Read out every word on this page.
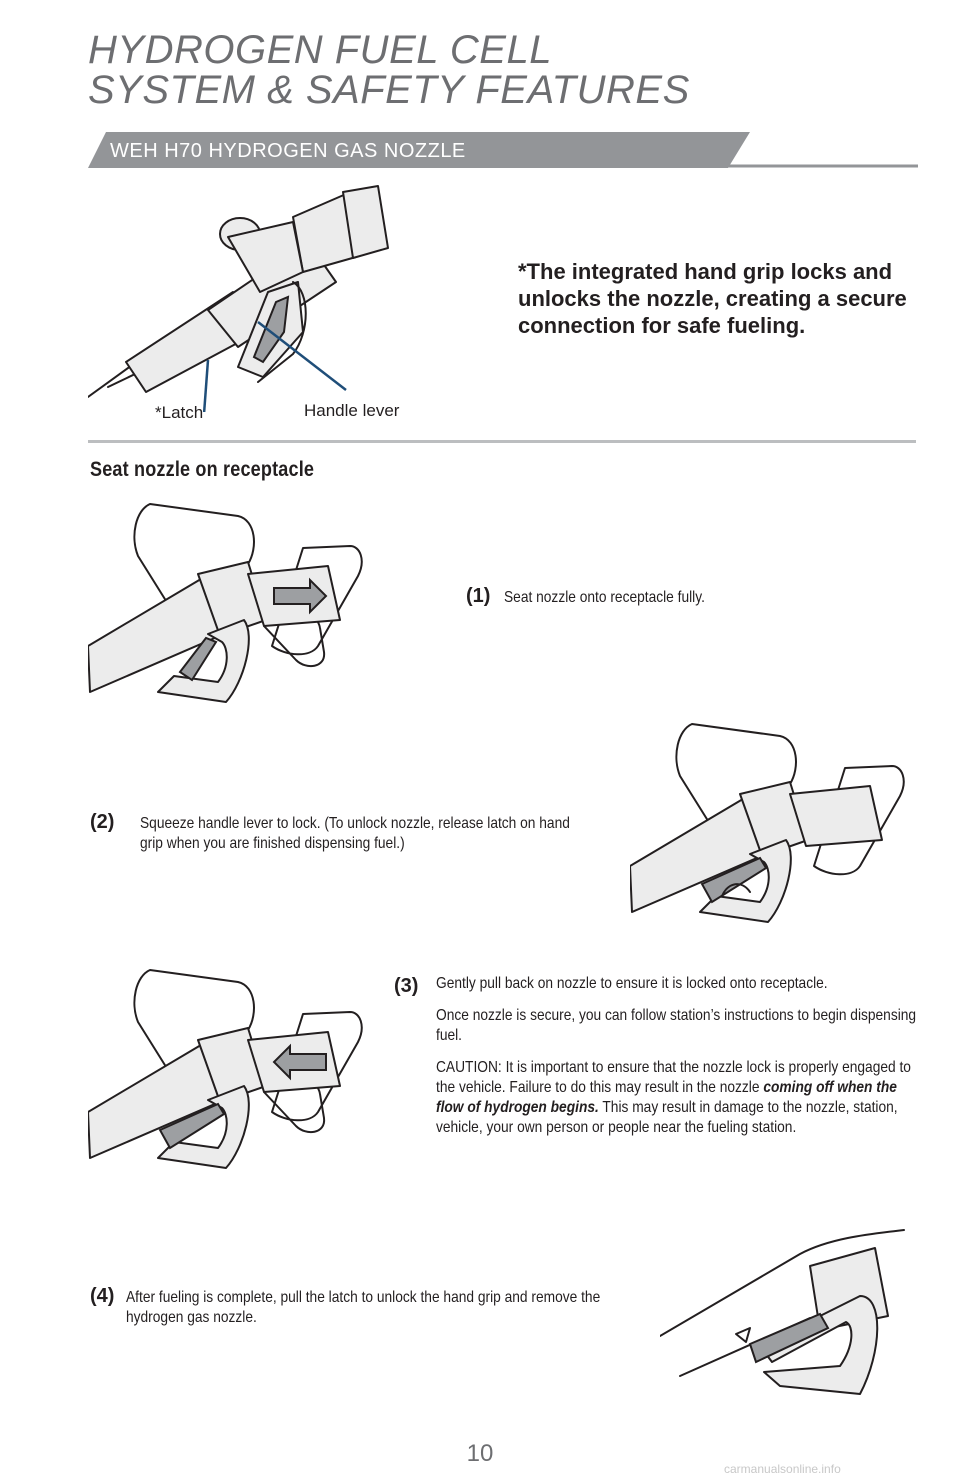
HYDROGEN FUEL CELL
SYSTEM & SAFETY FEATURES
WEH H70 HYDROGEN GAS NOZZLE
*Latch	Handle lever
*The integrated hand grip locks and unlocks the nozzle, creating a secure connection for safe fueling.
Seat nozzle on receptacle
(1) Seat nozzle onto receptacle fully.
(2) Squeeze handle lever to lock. (To unlock nozzle, release latch on hand grip when you are finished dispensing fuel.)
(3) Gently pull back on nozzle to ensure it is locked onto receptacle.

Once nozzle is secure, you can follow station’s instructions to begin dispensing fuel.

CAUTION: It is important to ensure that the nozzle lock is properly engaged to the vehicle. Failure to do this may result in the nozzle coming off when the flow of hydrogen begins. This may result in damage to the nozzle, station, vehicle, your own person or people near the fueling station.

(4) After fueling is complete, pull the latch to unlock the hand grip and remove the hydrogen gas nozzle.
10
carmanualsonline.info
